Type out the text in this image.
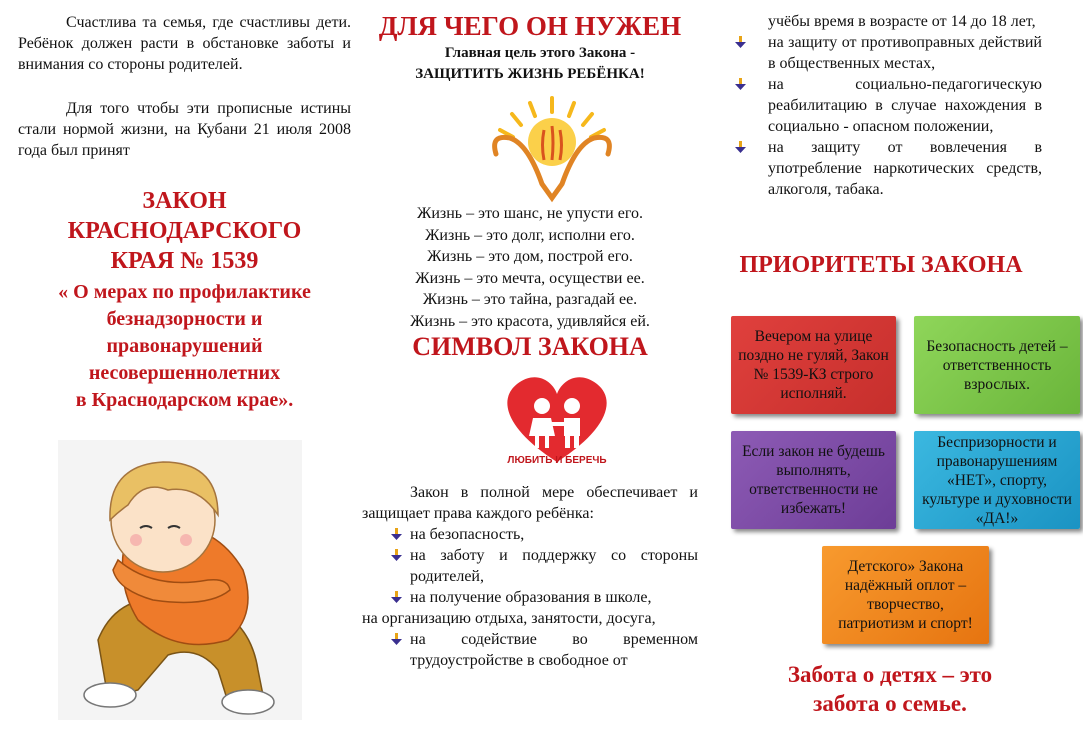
Счастлива та семья, где счастливы дети. Ребёнок должен расти в обстановке заботы и внимания со стороны родителей.

Для того чтобы эти прописные истины стали нормой жизни, на Кубани 21 июля 2008 года был принят

ЗАКОН
КРАСНОДАРСКОГО
КРАЯ № 1539
« О мерах по профилактике
безнадзорности и
правонарушений
несовершеннолетних
в Краснодарском крае».
ДЛЯ ЧЕГО ОН НУЖЕН
Главная цель этого Закона -
ЗАЩИТИТЬ ЖИЗНЬ РЕБЁНКА!
Жизнь – это шанс, не упусти его.
Жизнь – это долг, исполни его.
Жизнь – это дом, построй его.
Жизнь – это мечта, осуществи ее.
Жизнь – это тайна, разгадай ее.
Жизнь – это красота, удивляйся ей.
СИМВОЛ ЗАКОНА
ЛЮБИТЬ И БЕРЕЧЬ

Закон в полной мере обеспечивает и защищает права каждого ребёнка:

на безопасность,
на заботу и поддержку со стороны родителей,
на получение образования в школе,
на организацию отдыха, занятости, досуга,
на содействие во временном трудоустройстве в свободное от
учёбы время в возрасте от 14 до 18 лет,
на защиту от противоправных действий в общественных местах,
на социально-педагогическую реабилитацию в случае нахождения в социально - опасном положении,
на защиту от вовлечения в употребление наркотических средств, алкоголя, табака.
ПРИОРИТЕТЫ ЗАКОНА
Вечером на улице поздно не гуляй, Закон № 1539-КЗ строго исполняй.
Безопасность детей – ответственность взрослых.
Если закон не будешь выполнять, ответственности не избежать!
Беспризорности и правонарушениям «НЕТ», спорту, культуре и духовности «ДА!»
Детского» Закона надёжный оплот – творчество, патриотизм и спорт!
Забота о детях – это
забота о семье.
